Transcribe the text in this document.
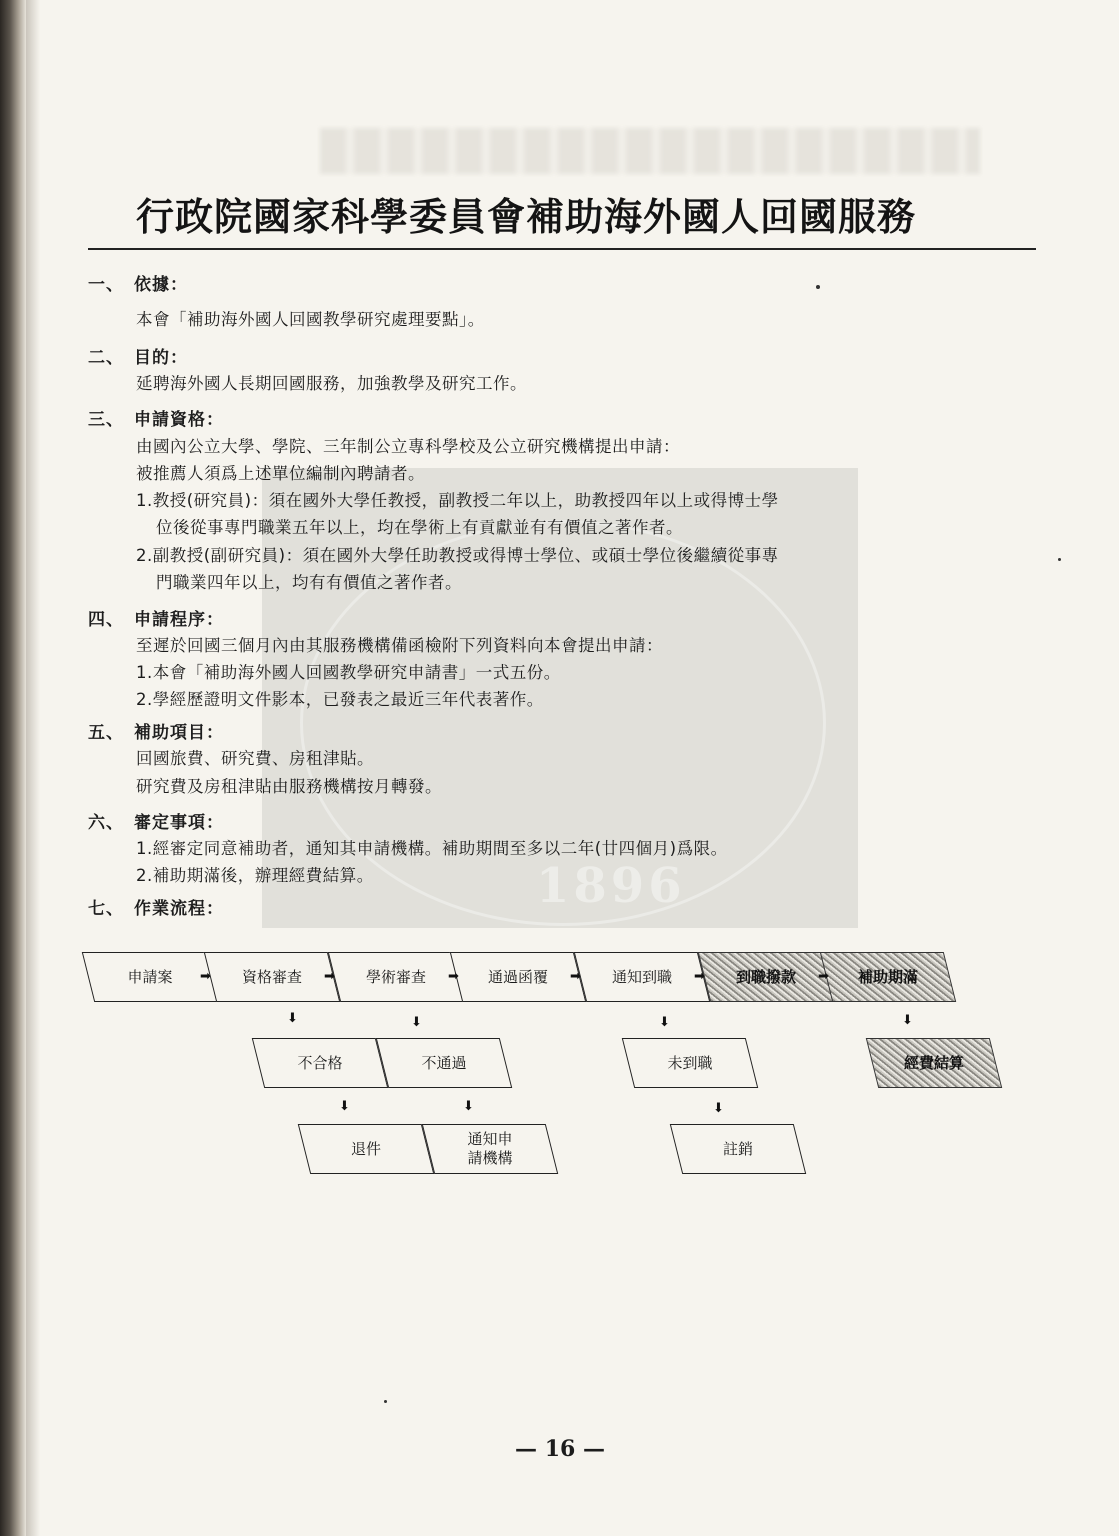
1896
行政院國家科學委員會補助海外國人回國服務

一、 依據：

本會「補助海外國人回國教學研究處理要點」。

二、 目的：

延聘海外國人長期回國服務，加強教學及研究工作。

三、 申請資格：

由國內公立大學、學院、三年制公立專科學校及公立研究機構提出申請：

被推薦人須爲上述單位編制內聘請者。

1.教授(研究員)：須在國外大學任教授，副教授二年以上，助教授四年以上或得博士學

位後從事專門職業五年以上，均在學術上有貢獻並有有價值之著作者。

2.副教授(副研究員)：須在國外大學任助教授或得博士學位、或碩士學位後繼續從事專

門職業四年以上，均有有價值之著作者。

四、 申請程序：

至遲於回國三個月內由其服務機構備函檢附下列資料向本會提出申請：

1.本會「補助海外國人回國教學研究申請書」一式五份。

2.學經歷證明文件影本，已發表之最近三年代表著作。

五、 補助項目：

回國旅費、研究費、房租津貼。

研究費及房租津貼由服務機構按月轉發。

六、 審定事項：

1.經審定同意補助者，通知其申請機構。補助期間至多以二年(廿四個月)爲限。

2.補助期滿後，辦理經費結算。

七、 作業流程：

申請案 ➡ 資格審查 ➡ 學術審查 ➡ 通過函覆 ➡ 通知到職 ➡ 到職撥款 ➡ 補助期滿
⬇	⬇	⬇	⬇
不合格	不通過	未到職	經費結算
⬇	⬇	⬇
退件
通知申
請機構
註銷

— 16 —
